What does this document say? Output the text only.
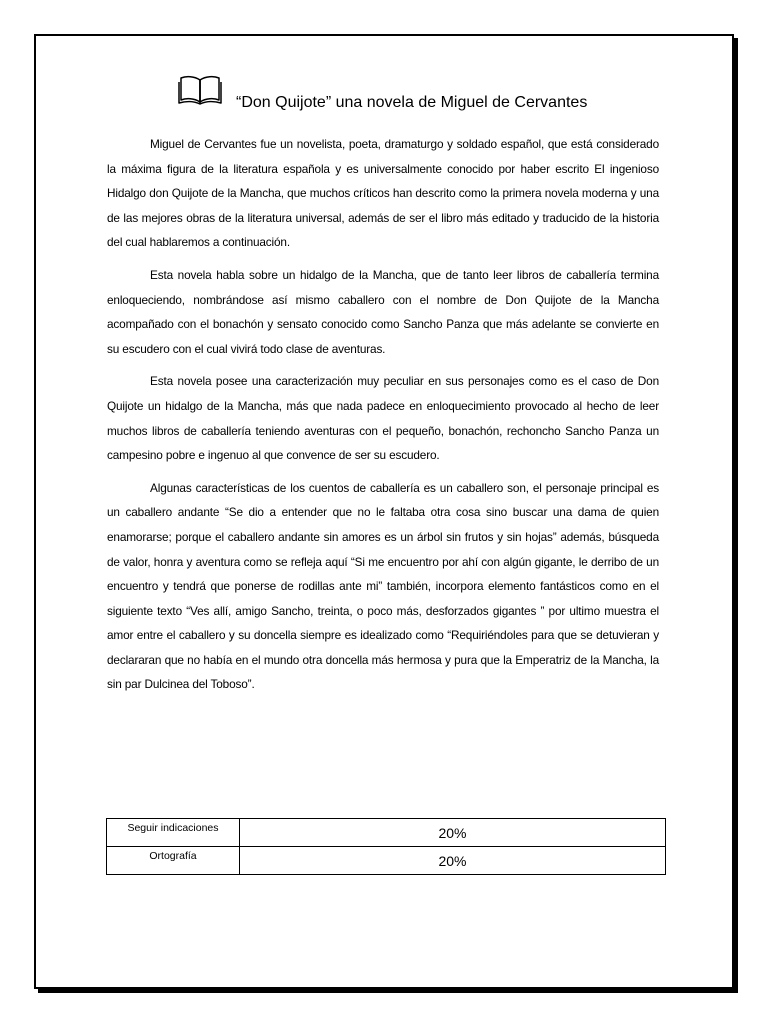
“Don Quijote” una novela de Miguel de Cervantes

Miguel de Cervantes fue un novelista, poeta, dramaturgo y soldado español, que está considerado la máxima figura de la literatura española y es universalmente conocido por haber escrito El ingenioso Hidalgo don Quijote de la Mancha, que muchos críticos han descrito como la primera novela moderna y una de las mejores obras de la literatura universal, además de ser el libro más editado y traducido de la historia del cual hablaremos a continuación.

Esta novela habla sobre un hidalgo de la Mancha, que de tanto leer libros de caballería termina enloqueciendo, nombrándose así mismo caballero con el nombre de Don Quijote de la Mancha acompañado con el bonachón y sensato conocido como Sancho Panza que más adelante se convierte en su escudero con el cual vivirá todo clase de aventuras.

Esta novela posee una caracterización muy peculiar en sus personajes como es el caso de Don Quijote un hidalgo de la Mancha, más que nada padece en enloquecimiento provocado al hecho de leer muchos libros de caballería teniendo aventuras con el pequeño, bonachón, rechoncho Sancho Panza un campesino pobre e ingenuo al que convence de ser su escudero.

Algunas características de los cuentos de caballería es un caballero son, el personaje principal es un caballero andante “Se dio a entender que no le faltaba otra cosa sino buscar una dama de quien enamorarse; porque el caballero andante sin amores es un árbol sin frutos y sin hojas” además, búsqueda de valor, honra y aventura como se refleja aquí “Si me encuentro por ahí con algún gigante, le derribo de un encuentro y tendrá que ponerse de rodillas ante mi” también, incorpora elemento fantásticos como en el siguiente texto “Ves allí, amigo Sancho, treinta, o poco más, desforzados gigantes ” por ultimo muestra el amor entre el caballero y su doncella siempre es idealizado como “Requiriéndoles para que se detuvieran y declararan que no había en el mundo otra doncella más hermosa y pura que la Emperatriz de la Mancha, la sin par Dulcinea del Toboso”.

Seguir indicaciones	20%
Ortografía	20%
